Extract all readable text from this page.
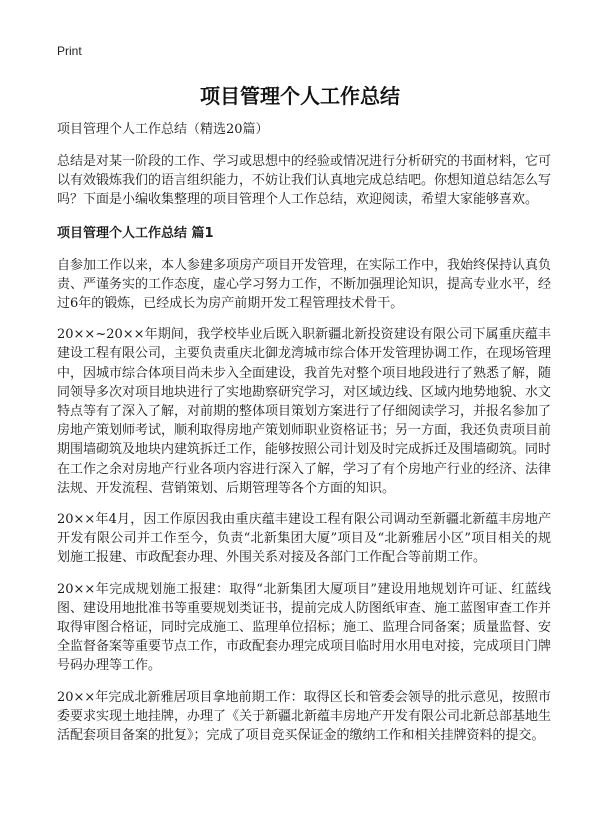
Print
项目管理个人工作总结
项目管理个人工作总结（精选20篇）

总结是对某一阶段的工作、学习或思想中的经验或情况进行分析研究的书面材料，它可以有效锻炼我们的语言组织能力，不妨让我们认真地完成总结吧。你想知道总结怎么写吗？下面是小编收集整理的项目管理个人工作总结，欢迎阅读，希望大家能够喜欢。

项目管理个人工作总结 篇1

自参加工作以来，本人参建多项房产项目开发管理，在实际工作中，我始终保持认真负责、严谨务实的工作态度，虚心学习努力工作，不断加强理论知识，提高专业水平，经过6年的锻炼，已经成长为房产前期开发工程管理技术骨干。

20××~20××年期间，我学校毕业后既入职新疆北新投资建设有限公司下属重庆蕴丰建设工程有限公司，主要负责重庆北御龙湾城市综合体开发管理协调工作，在现场管理中，因城市综合体项目尚未步入全面建设，我首先对整个项目地段进行了熟悉了解，随同领导多次对项目地块进行了实地勘察研究学习，对区域边线、区域内地势地貌、水文特点等有了深入了解，对前期的整体项目策划方案进行了仔细阅读学习，并报名参加了房地产策划师考试，顺利取得房地产策划师职业资格证书；另一方面，我还负责项目前期围墙砌筑及地块内建筑拆迁工作，能够按照公司计划及时完成拆迁及围墙砌筑。同时在工作之余对房地产行业各项内容进行深入了解，学习了有个房地产行业的经济、法律法规、开发流程、营销策划、后期管理等各个方面的知识。

20××年4月，因工作原因我由重庆蕴丰建设工程有限公司调动至新疆北新蕴丰房地产开发有限公司并工作至今，负责“北新集团大厦”项目及“北新雅居小区”项目相关的规划施工报建、市政配套办理、外围关系对接及各部门工作配合等前期工作。

20××年完成规划施工报建：取得“北新集团大厦项目”建设用地规划许可证、红蓝线图、建设用地批准书等重要规划类证书，提前完成人防图纸审查、施工蓝图审查工作并取得审图合格证，同时完成施工、监理单位招标；施工、监理合同备案；质量监督、安全监督备案等重要节点工作，市政配套办理完成项目临时用水用电对接，完成项目门牌号码办理等工作。

20××年完成北新雅居项目拿地前期工作：取得区长和管委会领导的批示意见，按照市委要求实现土地挂牌，办理了《关于新疆北新蕴丰房地产开发有限公司北新总部基地生活配套项目备案的批复》；完成了项目竞买保证金的缴纳工作和相关挂牌资料的提交。
